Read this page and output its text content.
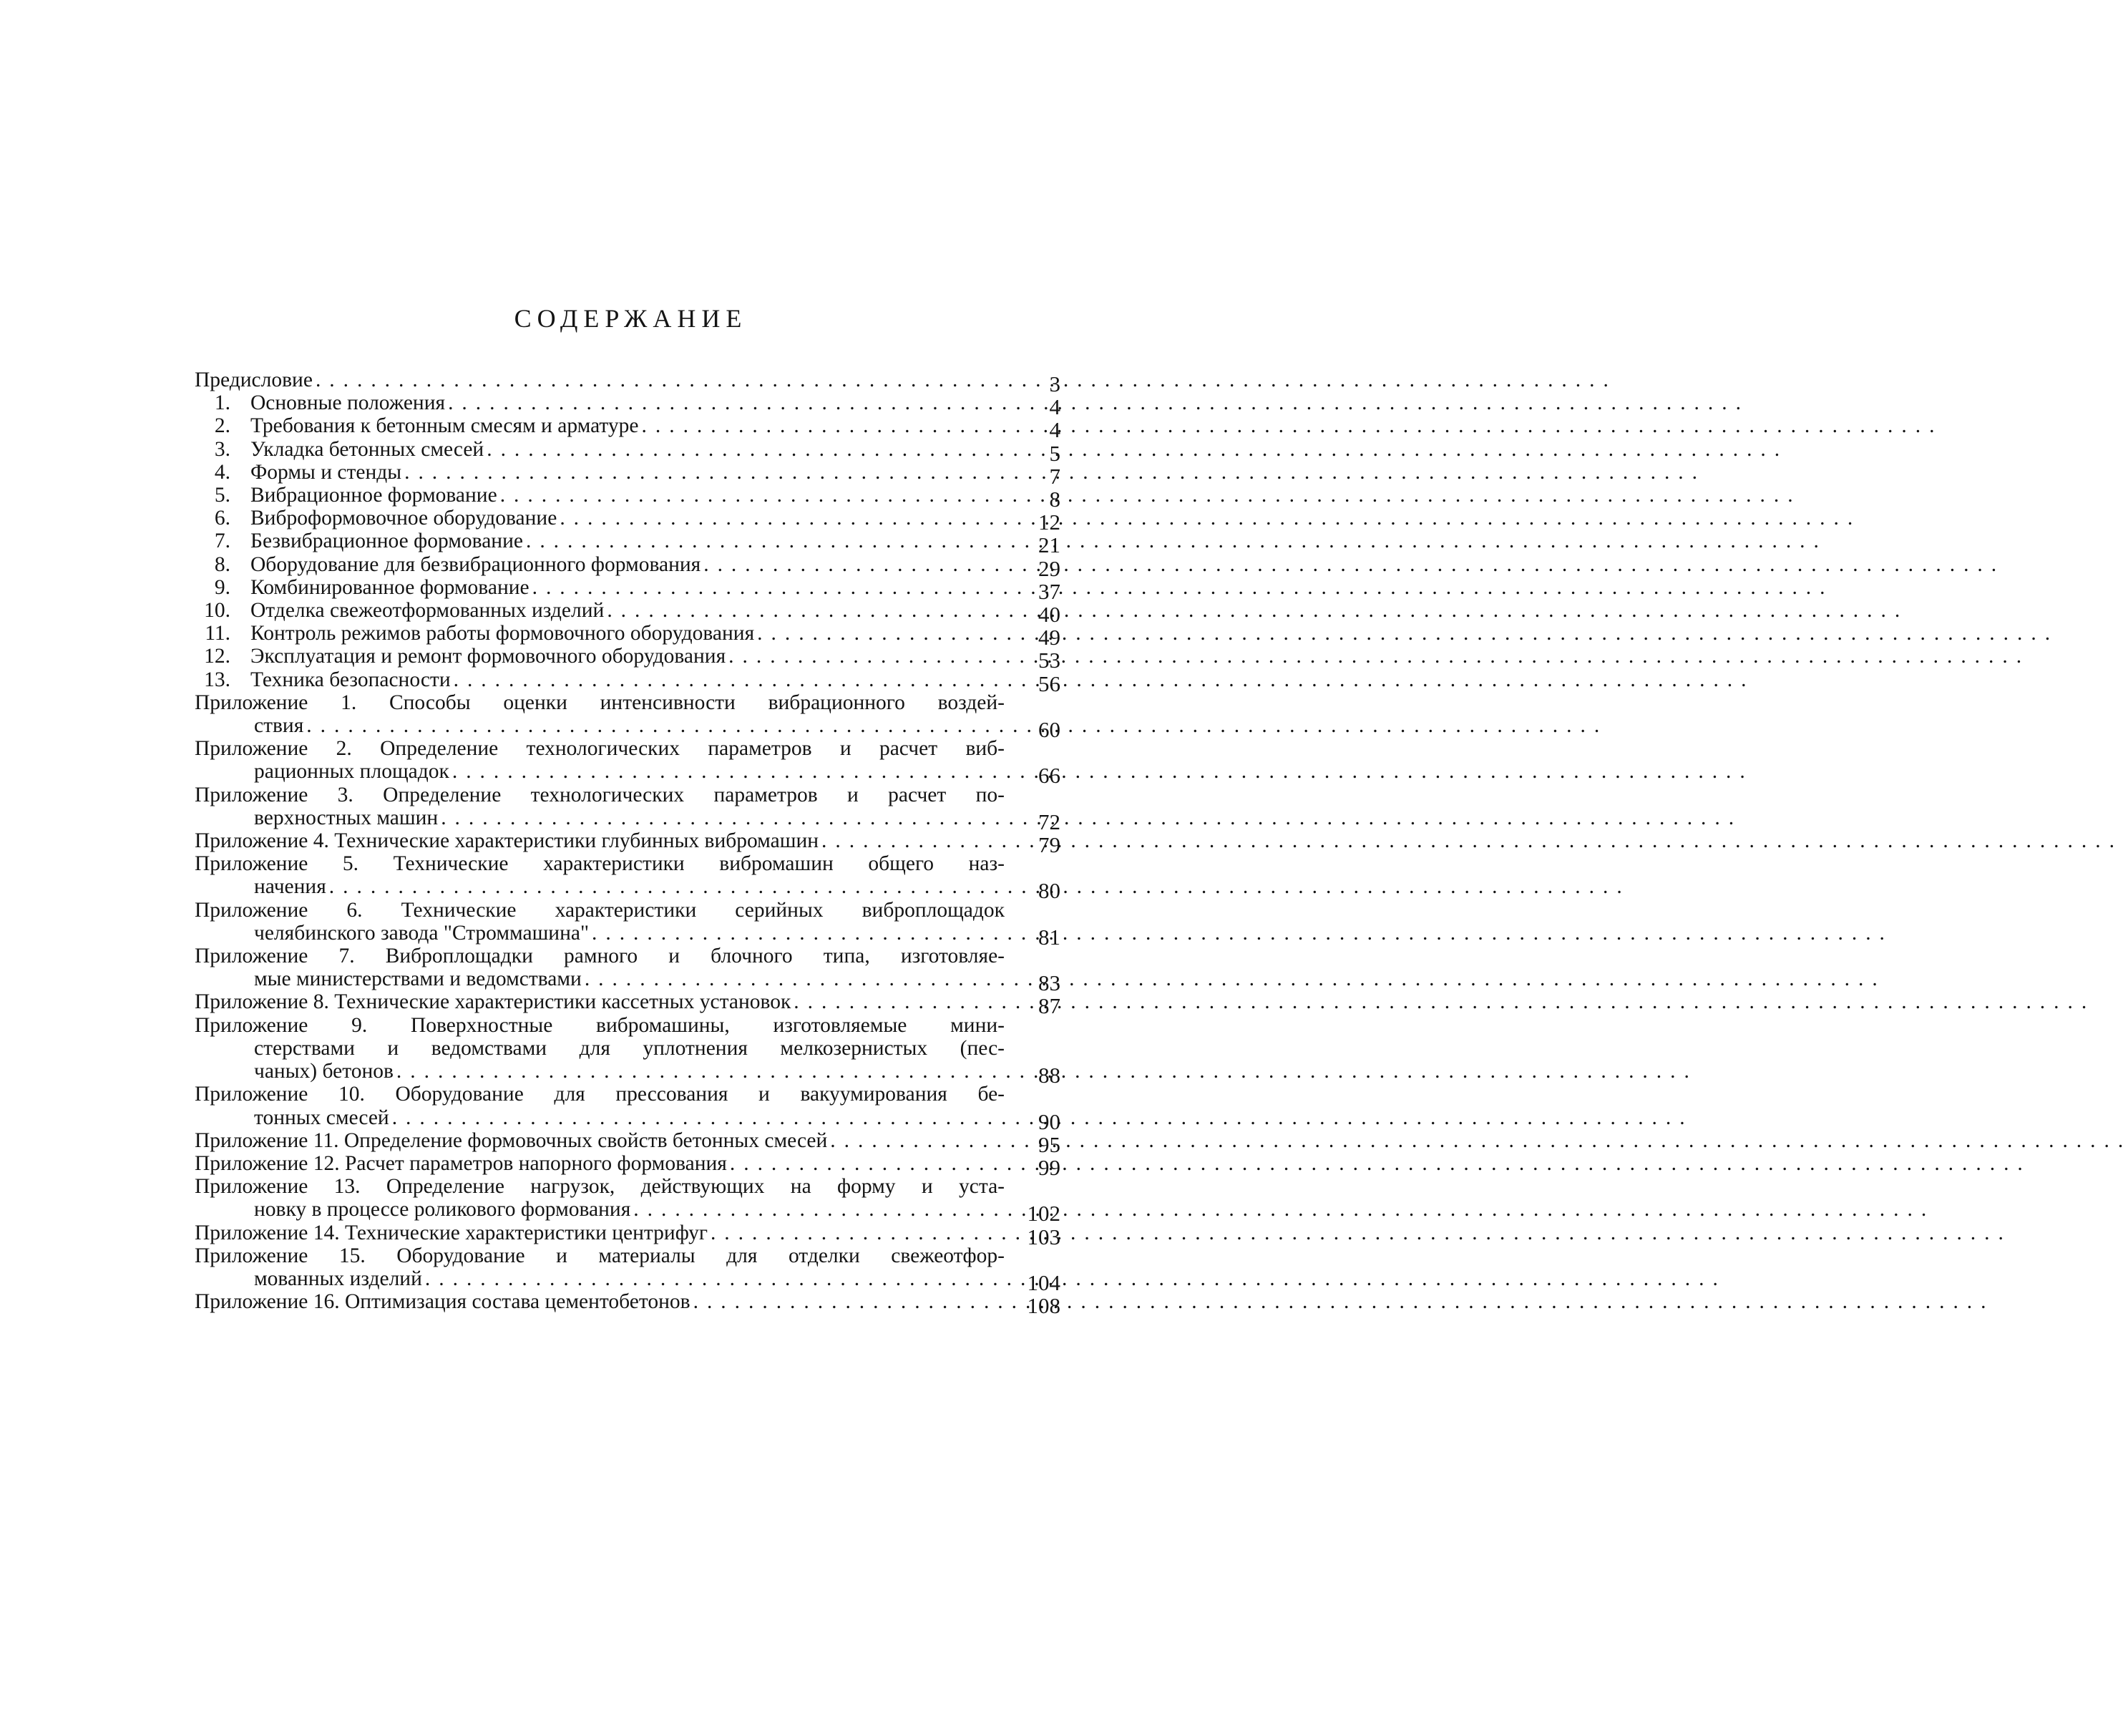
СОДЕРЖАНИЕ
Предисловие . . .	3
1. Основные положения . . .	4
2. Требования к бетонным смесям и арматуре . . .	4
3. Укладка бетонных смесей . . .	5
4. Формы и стенды . . .	7
5. Вибрационное формование . . .	8
6. Виброформовочное оборудование . . .	12
7. Безвибрационное формование . . .	21
8. Оборудование для безвибрационного формования . . .	29
9. Комбинированное формование . . .	37
10. Отделка свежеотформованных изделий . . .	40
11. Контроль режимов работы формовочного оборудования . . .	49
12. Эксплуатация и ремонт формовочного оборудования . . .	53
13. Техника безопасности . . .	56
Приложение 1. Способы оценки интенсивности вибрационного воздей-
ствия . . .	60
Приложение 2. Определение технологических параметров и расчет виб-
рационных площадок . . .	66
Приложение 3. Определение технологических параметров и расчет по-
верхностных машин . . .	72
Приложение 4. Технические характеристики глубинных вибромашин . . .	79
Приложение 5. Технические характеристики вибромашин общего наз-
начения . . .	80
Приложение 6. Технические характеристики серийных виброплощадок
челябинского завода "Строммашина" . . .	81
Приложение 7. Виброплощадки рамного и блочного типа, изготовляе-
мые министерствами и ведомствами . . .	83
Приложение 8. Технические характеристики кассетных установок . . .	87
Приложение 9. Поверхностные вибромашины, изготовляемые мини-
стерствами и ведомствами для уплотнения мелкозернистых (пес-
чаных) бетонов . . .	88
Приложение 10. Оборудование для прессования и вакуумирования бе-
тонных смесей . . .	90
Приложение 11. Определение формовочных свойств бетонных смесей . . .	95
Приложение 12. Расчет параметров напорного формования . . .	99
Приложение 13. Определение нагрузок, действующих на форму и уста-
новку в процессе роликового формования . . .	102
Приложение 14. Технические характеристики центрифуг . . .	103
Приложение 15. Оборудование и материалы для отделки свежеотфор-
мованных изделий . . .	104
Приложение 16. Оптимизация состава цементобетонов . . .	108
